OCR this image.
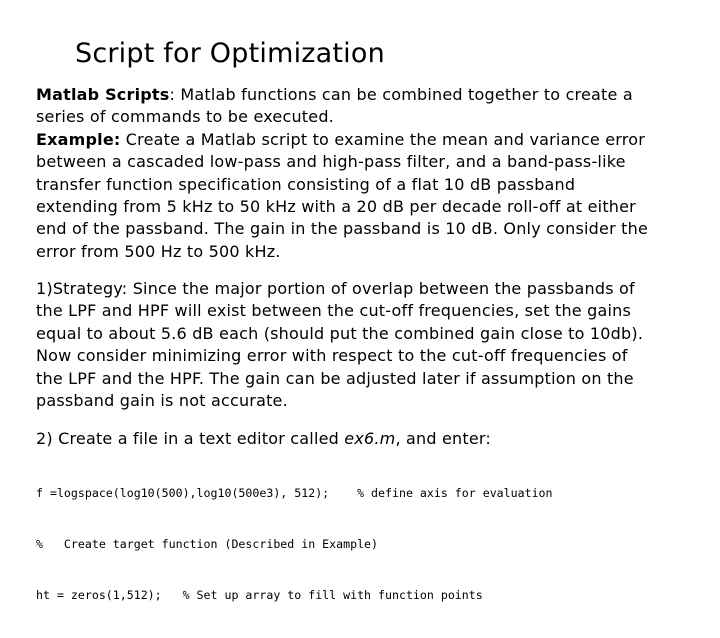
Script for Optimization
Matlab Scripts: Matlab functions can be combined together to create a
series of commands to be executed.
Example: Create a Matlab script to examine the mean and variance error
between a cascaded low-pass and high-pass filter, and a band-pass-like
transfer function specification consisting of a flat 10 dB passband
extending from 5 kHz to 50 kHz with a 20 dB per decade roll-off at either
end of the passband. The gain in the passband is 10 dB. Only consider the
error from 500 Hz to 500 kHz.
1)Strategy: Since the major portion of overlap between the passbands of
the LPF and HPF will exist between the cut-off frequencies, set the gains
equal to about 5.6 dB each (should put the combined gain close to 10db).
Now consider minimizing error with respect to the cut-off frequencies of
the LPF and the HPF. The gain can be adjusted later if assumption on the
passband gain is not accurate.
2) Create a file in a text editor called ex6.m, and enter:

f =logspace(log10(500),log10(500e3), 512);    % define axis for evaluation

%   Create target function (Described in Example)

ht = zeros(1,512);   % Set up array to fill with function points
